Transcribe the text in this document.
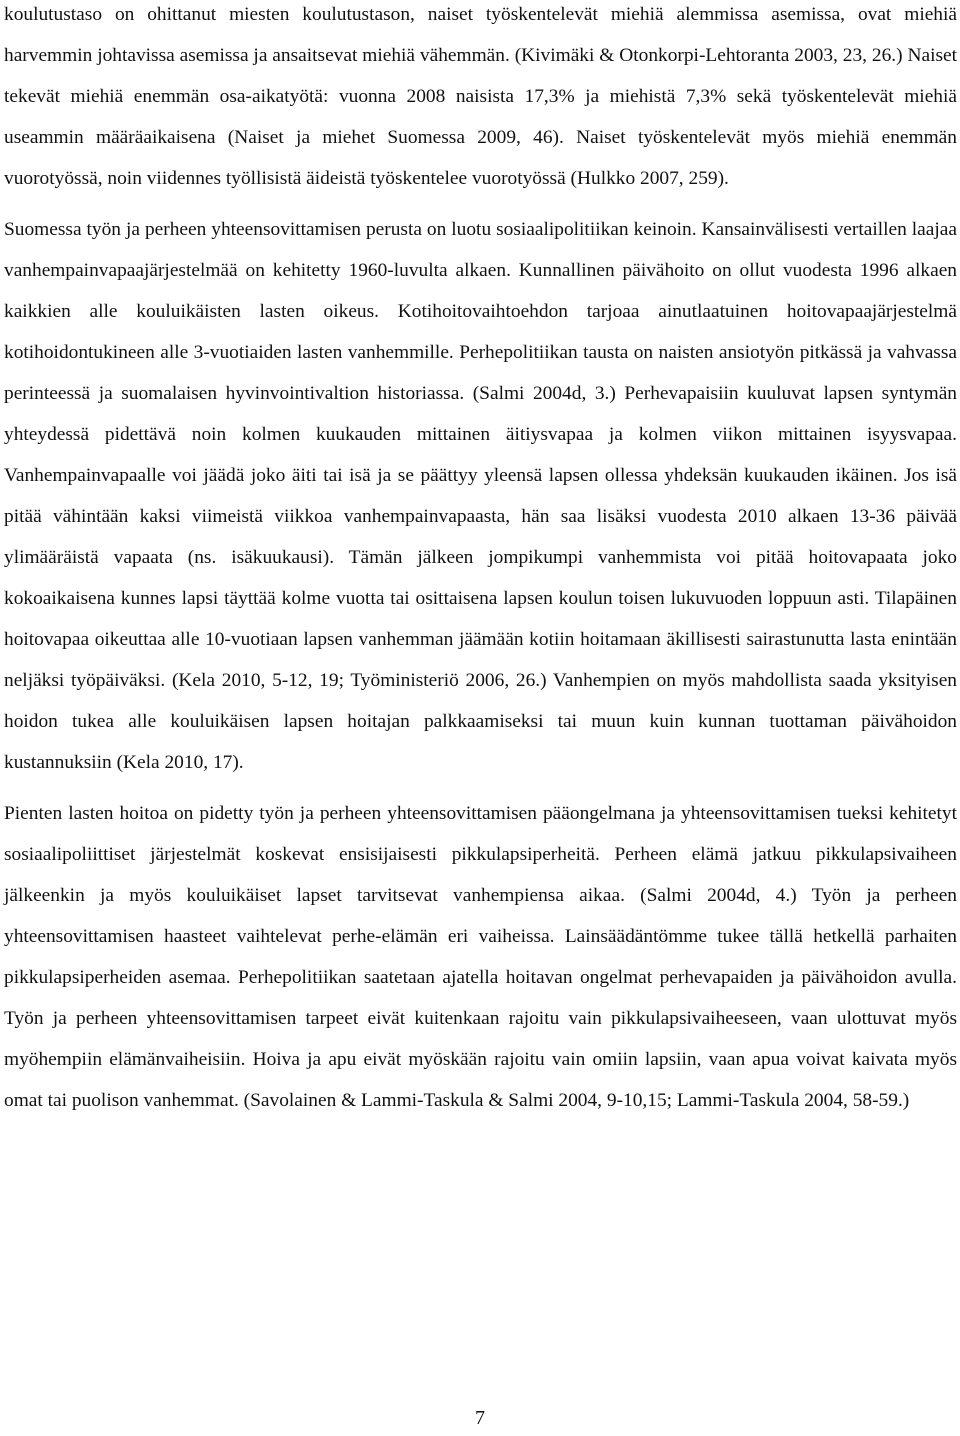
koulutustaso on ohittanut miesten koulutustason, naiset työskentelevät miehiä alemmissa asemissa, ovat miehiä harvemmin johtavissa asemissa ja ansaitsevat miehiä vähemmän. (Kivimäki & Otonkorpi-Lehtoranta 2003, 23, 26.) Naiset tekevät miehiä enemmän osa-aikatyötä: vuonna 2008 naisista 17,3% ja miehistä 7,3% sekä työskentelevät miehiä useammin määräaikaisena (Naiset ja miehet Suomessa 2009, 46). Naiset työskentelevät myös miehiä enemmän vuorotyössä, noin viidennes työllisistä äideistä työskentelee vuorotyössä (Hulkko 2007, 259).

Suomessa työn ja perheen yhteensovittamisen perusta on luotu sosiaalipolitiikan keinoin. Kansainvälisesti vertaillen laajaa vanhempainvapaajärjestelmää on kehitetty 1960-luvulta alkaen. Kunnallinen päivähoito on ollut vuodesta 1996 alkaen kaikkien alle kouluikäisten lasten oikeus. Kotihoitovaihtoehdon tarjoaa ainutlaatuinen hoitovapaajärjestelmä kotihoidontukineen alle 3-vuotiaiden lasten vanhemmille. Perhepolitiikan tausta on naisten ansiotyön pitkässä ja vahvassa perinteessä ja suomalaisen hyvinvointivaltion historiassa. (Salmi 2004d, 3.) Perhevapaisiin kuuluvat lapsen syntymän yhteydessä pidettävä noin kolmen kuukauden mittainen äitiysvapaa ja kolmen viikon mittainen isyysvapaa. Vanhempainvapaalle voi jäädä joko äiti tai isä ja se päättyy yleensä lapsen ollessa yhdeksän kuukauden ikäinen. Jos isä pitää vähintään kaksi viimeistä viikkoa vanhempainvapaasta, hän saa lisäksi vuodesta 2010 alkaen 13-36 päivää ylimääräistä vapaata (ns. isäkuukausi). Tämän jälkeen jompikumpi vanhemmista voi pitää hoitovapaata joko kokoaikaisena kunnes lapsi täyttää kolme vuotta tai osittaisena lapsen koulun toisen lukuvuoden loppuun asti. Tilapäinen hoitovapaa oikeuttaa alle 10-vuotiaan lapsen vanhemman jäämään kotiin hoitamaan äkillisesti sairastunutta lasta enintään neljäksi työpäiväksi. (Kela 2010, 5-12, 19; Työministeriö 2006, 26.) Vanhempien on myös mahdollista saada yksityisen hoidon tukea alle kouluikäisen lapsen hoitajan palkkaamiseksi tai muun kuin kunnan tuottaman päivähoidon kustannuksiin (Kela 2010, 17).

Pienten lasten hoitoa on pidetty työn ja perheen yhteensovittamisen pääongelmana ja yhteensovittamisen tueksi kehitetyt sosiaalipoliittiset järjestelmät koskevat ensisijaisesti pikkulapsiperheitä. Perheen elämä jatkuu pikkulapsivaiheen jälkeenkin ja myös kouluikäiset lapset tarvitsevat vanhempiensa aikaa. (Salmi 2004d, 4.) Työn ja perheen yhteensovittamisen haasteet vaihtelevat perhe-elämän eri vaiheissa. Lainsäädäntömme tukee tällä hetkellä parhaiten pikkulapsiperheiden asemaa. Perhepolitiikan saatetaan ajatella hoitavan ongelmat perhevapaiden ja päivähoidon avulla. Työn ja perheen yhteensovittamisen tarpeet eivät kuitenkaan rajoitu vain pikkulapsivaiheeseen, vaan ulottuvat myös myöhempiin elämänvaiheisiin. Hoiva ja apu eivät myöskään rajoitu vain omiin lapsiin, vaan apua voivat kaivata myös omat tai puolison vanhemmat. (Savolainen & Lammi-Taskula & Salmi 2004, 9-10,15; Lammi-Taskula 2004, 58-59.)

7
